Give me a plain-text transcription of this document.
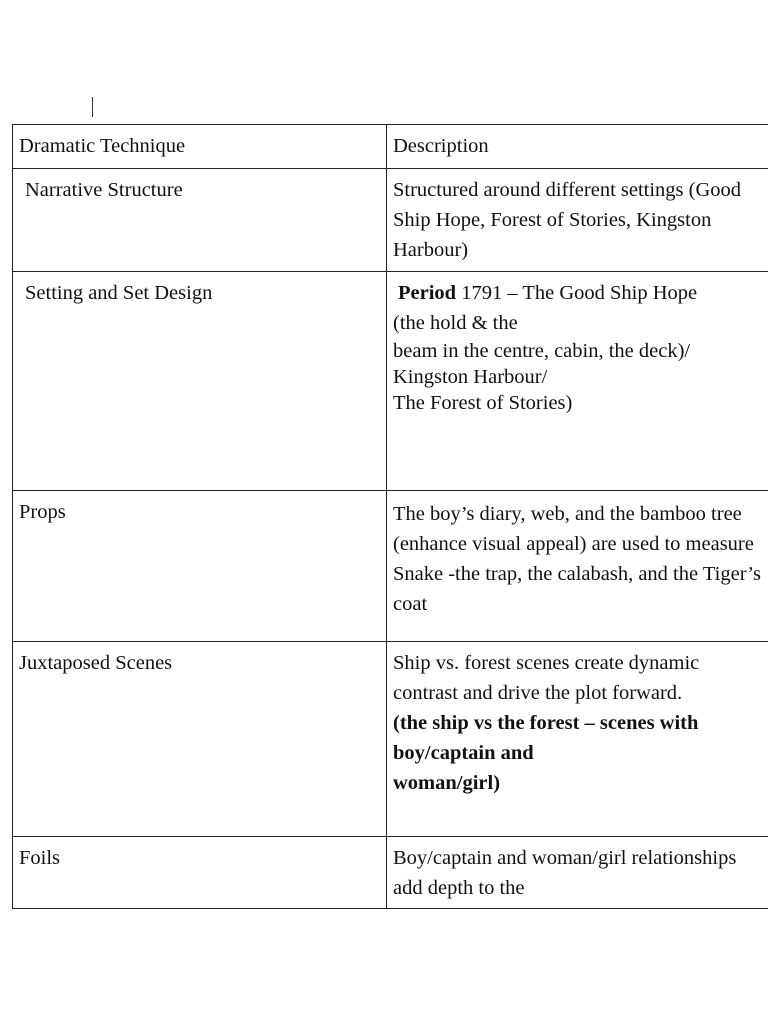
Dramatic Technique	Description
Narrative Structure	Structured around different settings (Good Ship Hope, Forest of Stories, Kingston Harbour)
Setting and Set Design	Period 1791 – The Good Ship Hope
(the hold & the
beam in the centre, cabin, the deck)/
Kingston Harbour/
The Forest of Stories)

Props	The boy’s diary, web, and the bamboo tree (enhance visual appeal) are used to measure Snake -the trap, the calabash, and the Tiger’s coat
Juxtaposed Scenes	Ship vs. forest scenes create dynamic contrast and drive the plot forward.
(the ship vs the forest – scenes with
boy/captain and
woman/girl)

Foils	Boy/captain and woman/girl relationships add depth to the
